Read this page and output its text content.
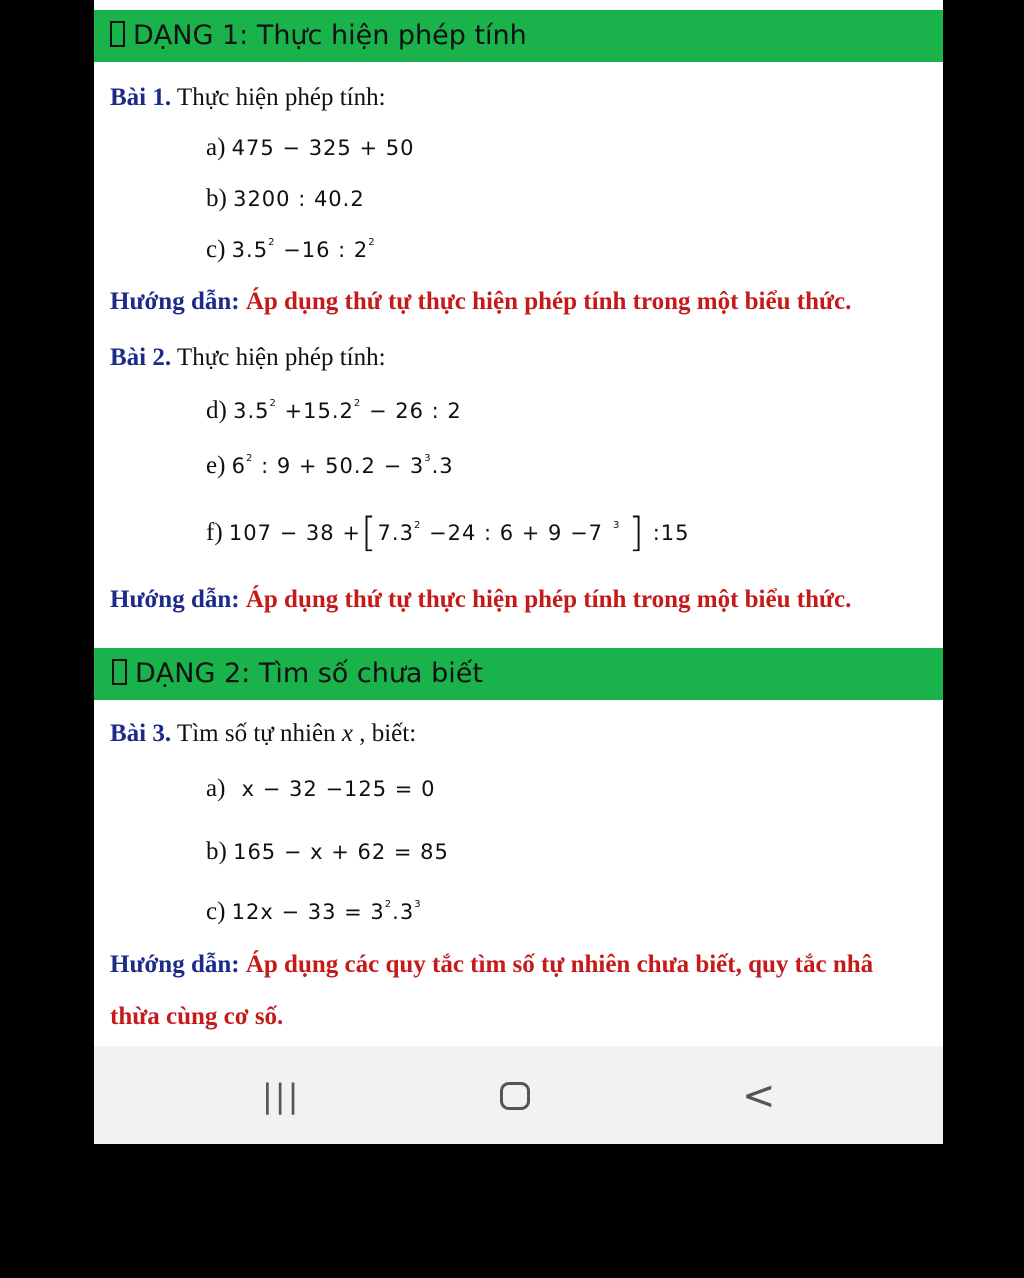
DẠNG 1: Thực hiện phép tính
Bài 1. Thực hiện phép tính:
a) 475 − 325 + 50
b) 3200 : 40.2
c) $3.5^2 -16$ : $2^2$
Hướng dẫn: Áp dụng thứ tự thực hiện phép tính trong một biểu thức.
Bài 2. Thực hiện phép tính:
d) $3.5^2 +15.2^2 - 26$ : 2
e) $6^2$ : $9 + 50.2 - 3^3.3$
f) $107 - 38 +[7.3^2 -24$ : 6 + 9 −7 $^3$ ] :15
Hướng dẫn: Áp dụng thứ tự thực hiện phép tính trong một biểu thức.
DẠNG 2: Tìm số chưa biết
Bài 3. Tìm số tự nhiên x , biết:
a) x − 32 −125 = 0
b) 165 − x + 62 = 85
c) $12x - 33 = 3^2.3^3$
Hướng dẫn: Áp dụng các quy tắc tìm số tự nhiên chưa biết, quy tắc nhâ
thừa cùng cơ số.
|||	<
